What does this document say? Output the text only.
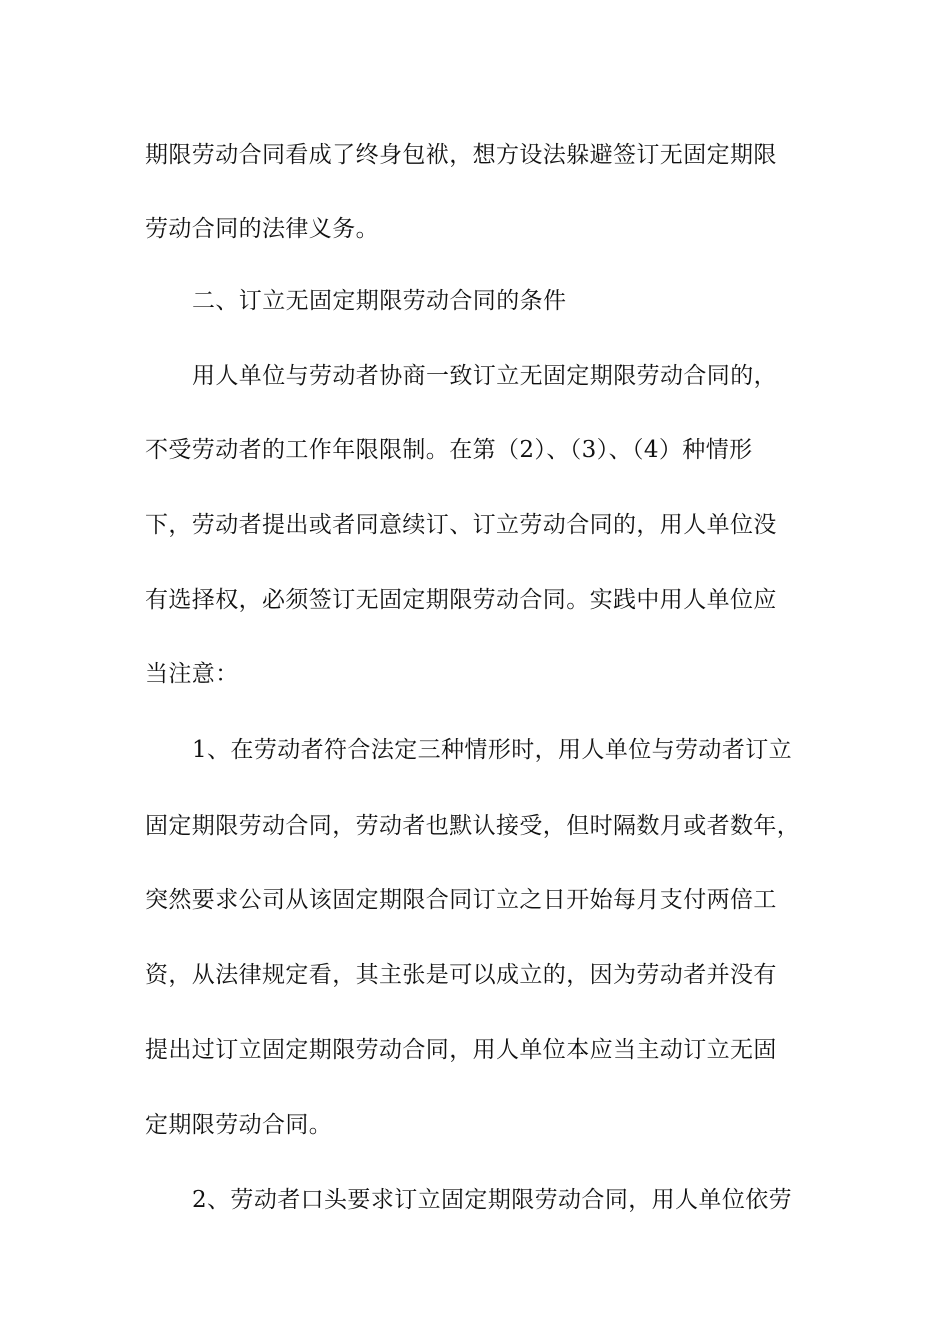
期限劳动合同看成了终身包袱，想方设法躲避签订无固定期限
劳动合同的法律义务。
二、订立无固定期限劳动合同的条件
用人单位与劳动者协商一致订立无固定期限劳动合同的，
不受劳动者的工作年限限制。在第（2）、（3）、（4）种情形
下，劳动者提出或者同意续订、订立劳动合同的，用人单位没
有选择权，必须签订无固定期限劳动合同。实践中用人单位应
当注意：
1、在劳动者符合法定三种情形时，用人单位与劳动者订立
固定期限劳动合同，劳动者也默认接受，但时隔数月或者数年，
突然要求公司从该固定期限合同订立之日开始每月支付两倍工
资，从法律规定看，其主张是可以成立的，因为劳动者并没有
提出过订立固定期限劳动合同，用人单位本应当主动订立无固
定期限劳动合同。
2、劳动者口头要求订立固定期限劳动合同，用人单位依劳
